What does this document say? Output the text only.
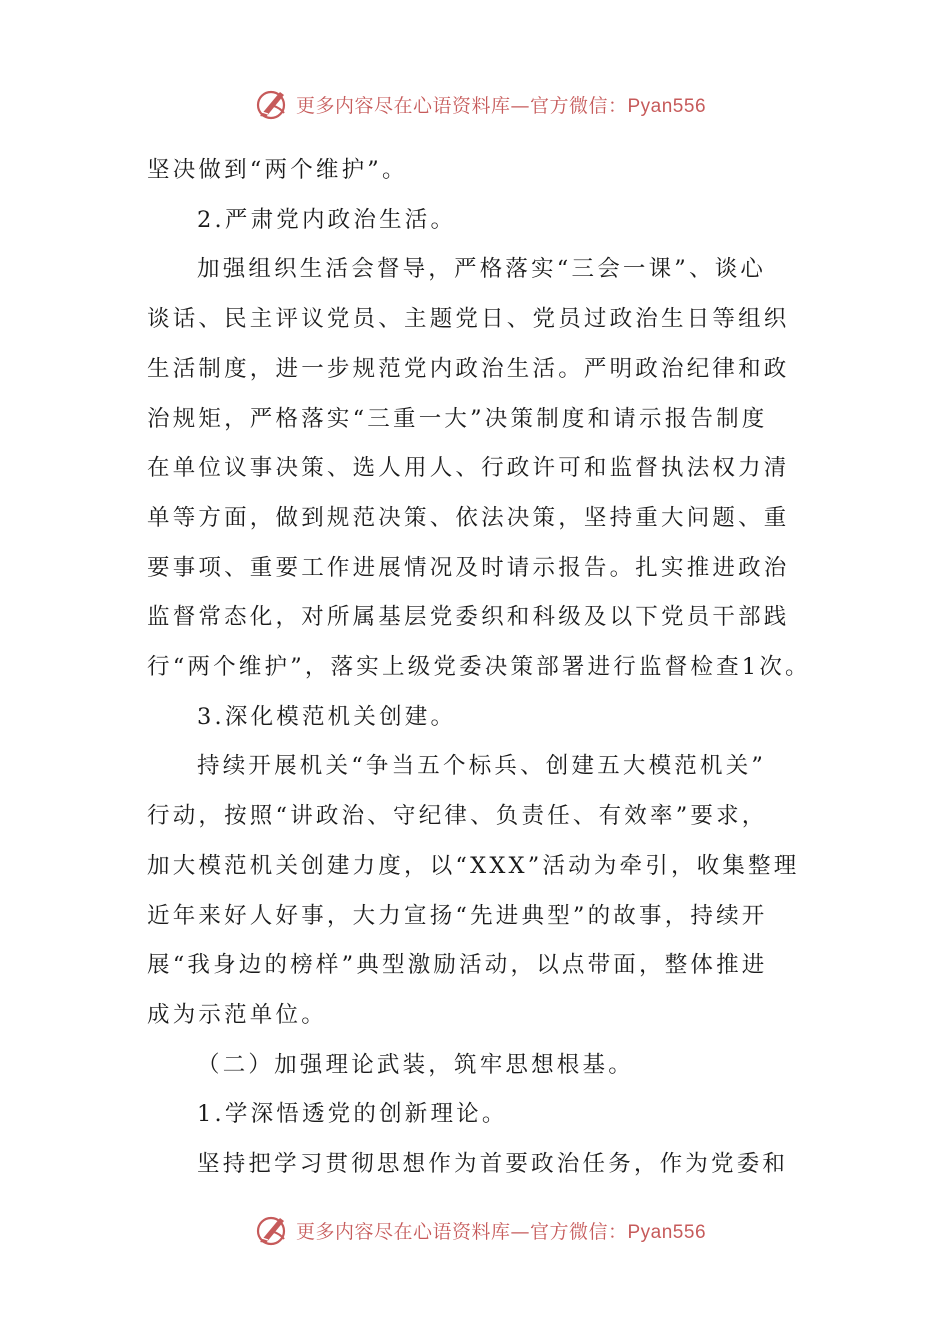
更多内容尽在心语资料库—官方微信：Pyan556

坚决做到“两个维护”。

2.严肃党内政治生活。

加强组织生活会督导，严格落实“三会一课”、谈心

谈话、民主评议党员、主题党日、党员过政治生日等组织

生活制度，进一步规范党内政治生活。严明政治纪律和政

治规矩，严格落实“三重一大”决策制度和请示报告制度

在单位议事决策、选人用人、行政许可和监督执法权力清

单等方面，做到规范决策、依法决策，坚持重大问题、重

要事项、重要工作进展情况及时请示报告。扎实推进政治

监督常态化，对所属基层党委织和科级及以下党员干部践

行“两个维护”，落实上级党委决策部署进行监督检查1次。

3.深化模范机关创建。

持续开展机关“争当五个标兵、创建五大模范机关”

行动，按照“讲政治、守纪律、负责任、有效率”要求，

加大模范机关创建力度，以“XXX”活动为牵引，收集整理

近年来好人好事，大力宣扬“先进典型”的故事，持续开

展“我身边的榜样”典型激励活动，以点带面，整体推进

成为示范单位。

（二）加强理论武装，筑牢思想根基。

1.学深悟透党的创新理论。

坚持把学习贯彻思想作为首要政治任务，作为党委和

更多内容尽在心语资料库—官方微信：Pyan556
